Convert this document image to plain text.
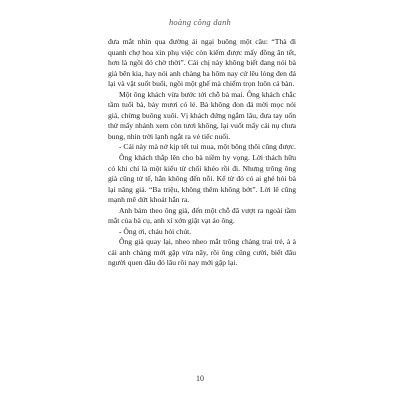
hoàng công danh

đưa mắt nhìn qua đường ái ngại buông một câu: “Thà đi quanh chợ hoa xin phụ việc còn kiếm được mấy đồng ăn tết, hơn là ngồi đó chờ thời”. Cái chị này không biết đang nói bà già bên kia, hay nói anh chàng ba hôm nay cứ lêu lỏng đen đá lại và vật suốt buổi, ngồi một ghế mà chiếm trọn luôn cả bàn.

Một ông khách vừa bước tới chỗ bà mai. Ông khách chắc tầm tuổi bà, bảy mươi có lẻ. Bà không đon đả mời mọc nói giá, chừng buông xuôi. Vị khách đứng ngắm lâu, đưa tay uốn thử mấy nhánh xem còn tươi không, lại vuốt mấy cái nụ chưa bung, nhìn trời lạnh ngắt ra vẻ tiếc nuối.

- Cái này mà nở kịp tết tui mua, một bông thôi cũng được.

Ông khách thắp lên cho bà niềm hy vọng. Lời thách hữu có khi chỉ là một kiểu từ chối khéo rồi đi. Nhưng trông ông già cũng tử tế, hẳn không đến nỗi. Kể từ đó có ai ghé hỏi bà lại nâng giá. “Ba triệu, không thêm không bớt”. Lời lẽ cũng mạnh mẽ dứt khoát hẳn ra.

Anh bám theo ông già, đến một chỗ đã vượt ra ngoài tầm mắt của bà cụ, anh xí xớn giật vạt áo ông.

- Ông ơi, cháu hỏi chút.

Ông già quay lại, nheo nheo mắt trông chàng trai trẻ, à à cái anh chàng mới gặp vừa nãy, rồi ông cũng cười, biết đâu người quen đâu đó lâu rồi nay mới gặp lại.

10
